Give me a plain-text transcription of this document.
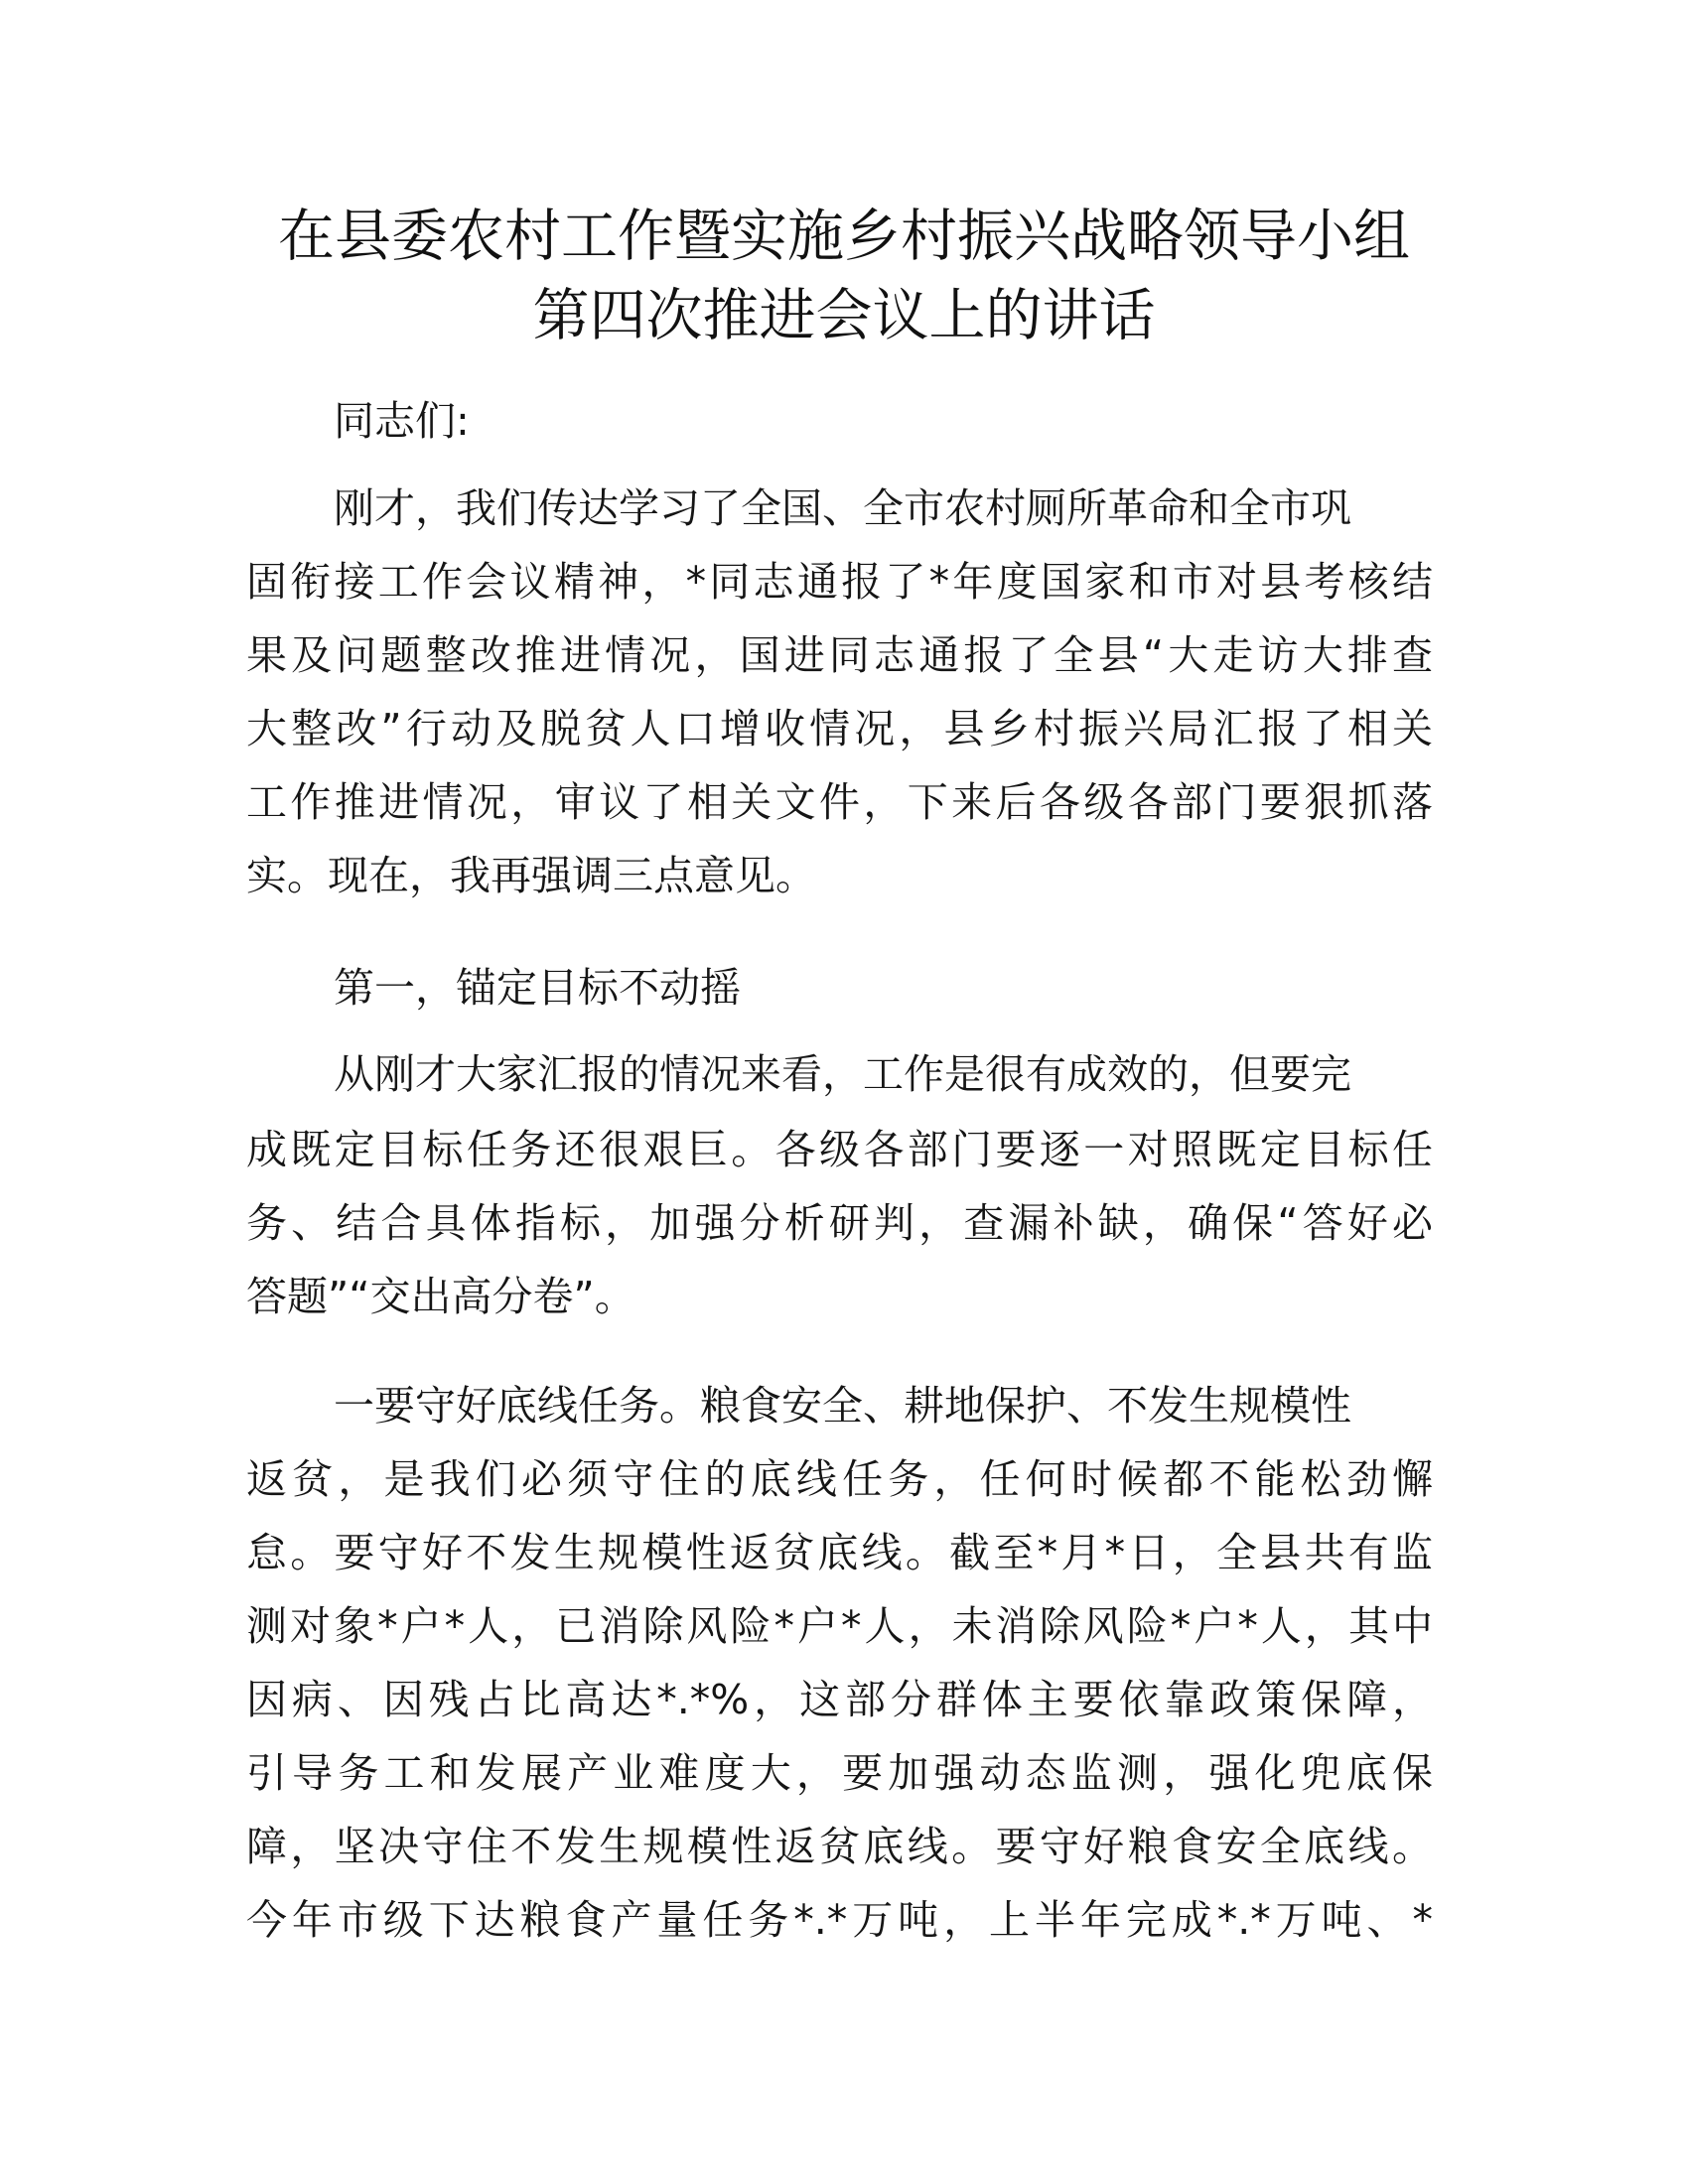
在县委农村工作暨实施乡村振兴战略领导小组
第四次推进会议上的讲话
同志们:
刚才，我们传达学习了全国、全市农村厕所革命和全市巩
固衔接工作会议精神，*同志通报了*年度国家和市对县考核结
果及问题整改推进情况，国进同志通报了全县“大走访大排查
大整改”行动及脱贫人口增收情况，县乡村振兴局汇报了相关
工作推进情况，审议了相关文件，下来后各级各部门要狠抓落
实。现在，我再强调三点意见。
第一，锚定目标不动摇
从刚才大家汇报的情况来看，工作是很有成效的，但要完
成既定目标任务还很艰巨。各级各部门要逐一对照既定目标任
务、结合具体指标，加强分析研判，查漏补缺，确保“答好必
答题”“交出高分卷”。
一要守好底线任务。粮食安全、耕地保护、不发生规模性
返贫，是我们必须守住的底线任务，任何时候都不能松劲懈
怠。要守好不发生规模性返贫底线。截至*月*日，全县共有监
测对象*户*人，已消除风险*户*人，未消除风险*户*人，其中
因病、因残占比高达*.*%，这部分群体主要依靠政策保障，
引导务工和发展产业难度大，要加强动态监测，强化兜底保
障，坚决守住不发生规模性返贫底线。要守好粮食安全底线。
今年市级下达粮食产量任务*.*万吨，上半年完成*.*万吨、*
